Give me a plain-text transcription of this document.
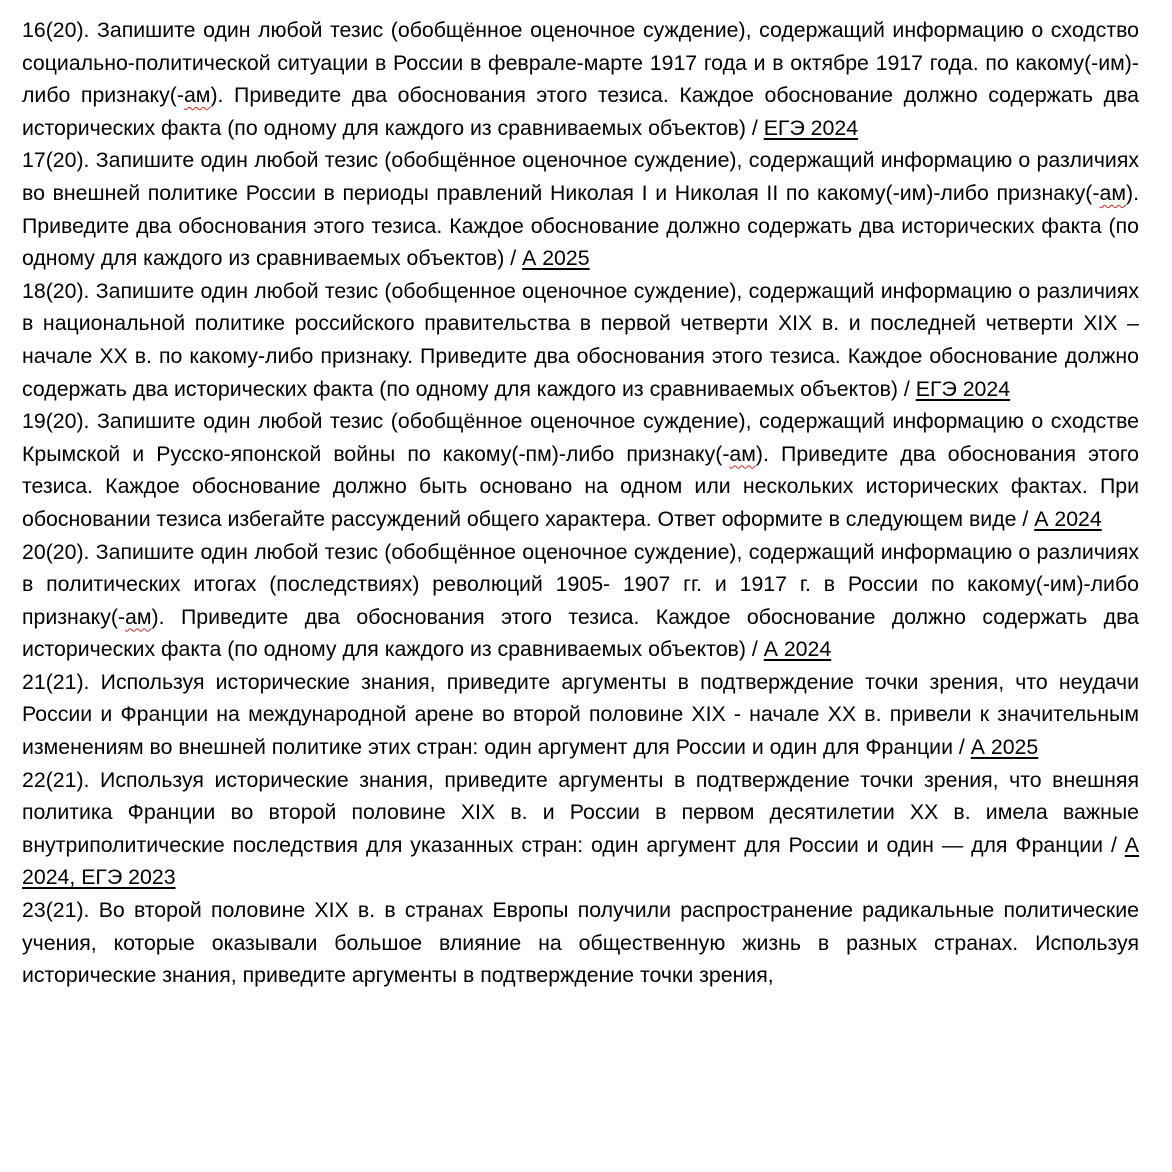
16(20). Запишите один любой тезис (обобщённое оценочное суждение), содержащий информацию о сходство социально-политической ситуации в России в феврале-марте 1917 года и в октябре 1917 года. по какому(-им)-либо признаку(-ам). Приведите два обоснования этого тезиса. Каждое обоснование должно содержать два исторических факта (по одному для каждого из сравниваемых объектов) / ЕГЭ 2024

17(20). Запишите один любой тезис (обобщённое оценочное суждение), содержащий информацию о различиях во внешней политике России в периоды правлений Николая I и Николая II по какому(-им)-либо признаку(-ам). Приведите два обоснования этого тезиса. Каждое обоснование должно содержать два исторических факта (по одному для каждого из сравниваемых объектов) / А 2025

18(20). Запишите один любой тезис (обобщенное оценочное суждение), содержащий информацию о различиях в национальной политике российского правительства в первой четверти XIX в. и последней четверти XIX – начале XX в. по какому-либо признаку. Приведите два обоснования этого тезиса. Каждое обоснование должно содержать два исторических факта (по одному для каждого из сравниваемых объектов) / ЕГЭ 2024

19(20). Запишите один любой тезис (обобщённое оценочное суждение), содержащий информацию о сходстве Крымской и Русско-японской войны по какому(-пм)-либо признаку(-ам). Приведите два обоснования этого тезиса. Каждое обоснование должно быть основано на одном или нескольких исторических фактах. При обосновании тезиса избегайте рассуждений общего характера. Ответ оформите в следующем виде / А 2024

20(20). Запишите один любой тезис (обобщённое оценочное суждение), содержащий информацию о различиях в политических итогах (последствиях) революций 1905- 1907 гг. и 1917 г. в России по какому(-им)-либо признаку(-ам). Приведите два обоснования этого тезиса. Каждое обоснование должно содержать два исторических факта (по одному для каждого из сравниваемых объектов) / А 2024

21(21). Используя исторические знания, приведите аргументы в подтверждение точки зрения, что неудачи России и Франции на международной арене во второй половине XIX - начале XX в. привели к значительным изменениям во внешней политике этих стран: один аргумент для России и один для Франции / А 2025

22(21). Используя исторические знания, приведите аргументы в подтверждение точки зрения, что внешняя политика Франции во второй половине XIX в. и России в первом десятилетии XX в. имела важные внутриполитические последствия для указанных стран: один аргумент для России и один — для Франции / А 2024, ЕГЭ 2023

23(21). Во второй половине XIX в. в странах Европы получили распространение радикальные политические учения, которые оказывали большое влияние на общественную жизнь в разных странах. Используя исторические знания, приведите аргументы в подтверждение точки зрения,
